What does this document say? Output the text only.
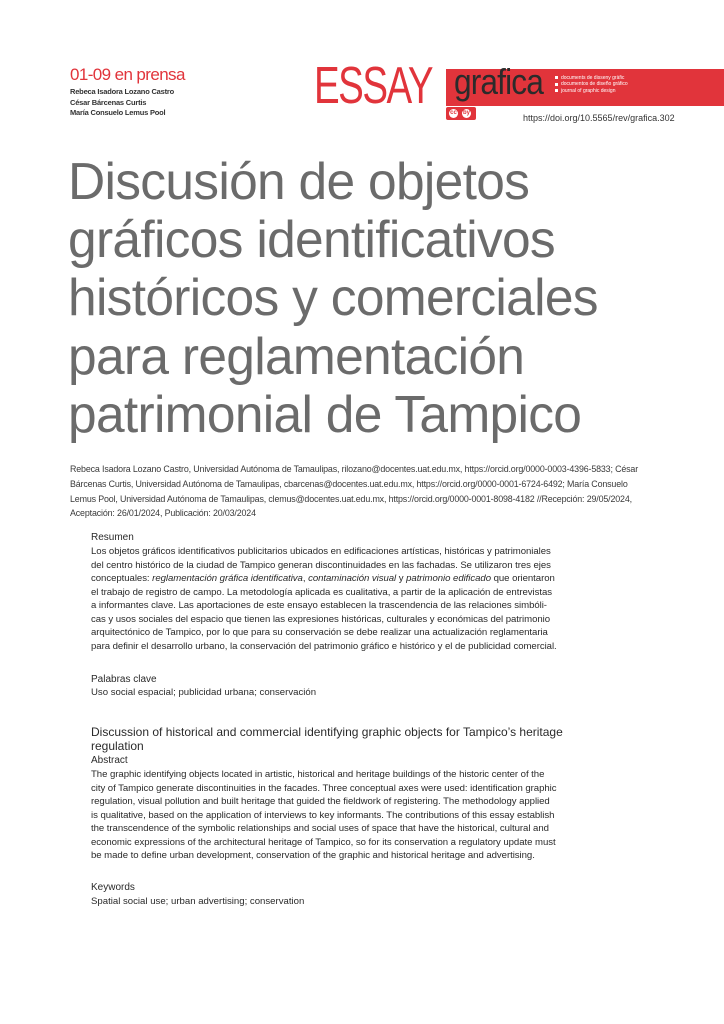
01-09 en prensa
Rebeca Isadora Lozano Castro
César Bárcenas Curtis
María Consuelo Lemus Pool	ESSAY grafica	documents de disseny gràfic
documentos de diseño gráfico
journal of graphic design
cc by	https://doi.org/10.5565/rev/grafica.302
Discusión de objetos
gráficos identificativos
históricos y comerciales
para reglamentación
patrimonial de Tampico
Rebeca Isadora Lozano Castro, Universidad Autónoma de Tamaulipas, rilozano@docentes.uat.edu.mx, https://orcid.org/0000-0003-4396-5833; César
Bárcenas Curtis, Universidad Autónoma de Tamaulipas, cbarcenas@docentes.uat.edu.mx, https://orcid.org/0000-0001-6724-6492; María Consuelo
Lemus Pool, Universidad Autónoma de Tamaulipas, clemus@docentes.uat.edu.mx, https://orcid.org/0000-0001-8098-4182 //Recepción: 29/05/2024,
Aceptación: 26/01/2024, Publicación: 20/03/2024
Resumen
Los objetos gráficos identificativos publicitarios ubicados en edificaciones artísticas, históricas y patrimoniales
del centro histórico de la ciudad de Tampico generan discontinuidades en las fachadas. Se utilizaron tres ejes
conceptuales: reglamentación gráfica identificativa, contaminación visual y patrimonio edificado que orientaron
el trabajo de registro de campo. La metodología aplicada es cualitativa, a partir de la aplicación de entrevistas
a informantes clave. Las aportaciones de este ensayo establecen la trascendencia de las relaciones simbóli-
cas y usos sociales del espacio que tienen las expresiones históricas, culturales y económicas del patrimonio
arquitectónico de Tampico, por lo que para su conservación se debe realizar una actualización reglamentaria
para definir el desarrollo urbano, la conservación del patrimonio gráfico e histórico y el de publicidad comercial.
Palabras clave
Uso social espacial; publicidad urbana; conservación
Discussion of historical and commercial identifying graphic objects for Tampico’s heritage
regulation
Abstract
The graphic identifying objects located in artistic, historical and heritage buildings of the historic center of the
city of Tampico generate discontinuities in the facades. Three conceptual axes were used: identification graphic
regulation, visual pollution and built heritage that guided the fieldwork of registering. The methodology applied
is qualitative, based on the application of interviews to key informants. The contributions of this essay establish
the transcendence of the symbolic relationships and social uses of space that have the historical, cultural and
economic expressions of the architectural heritage of Tampico, so for its conservation a regulatory update must
be made to define urban development, conservation of the graphic and historical heritage and advertising.
Keywords
Spatial social use; urban advertising; conservation
